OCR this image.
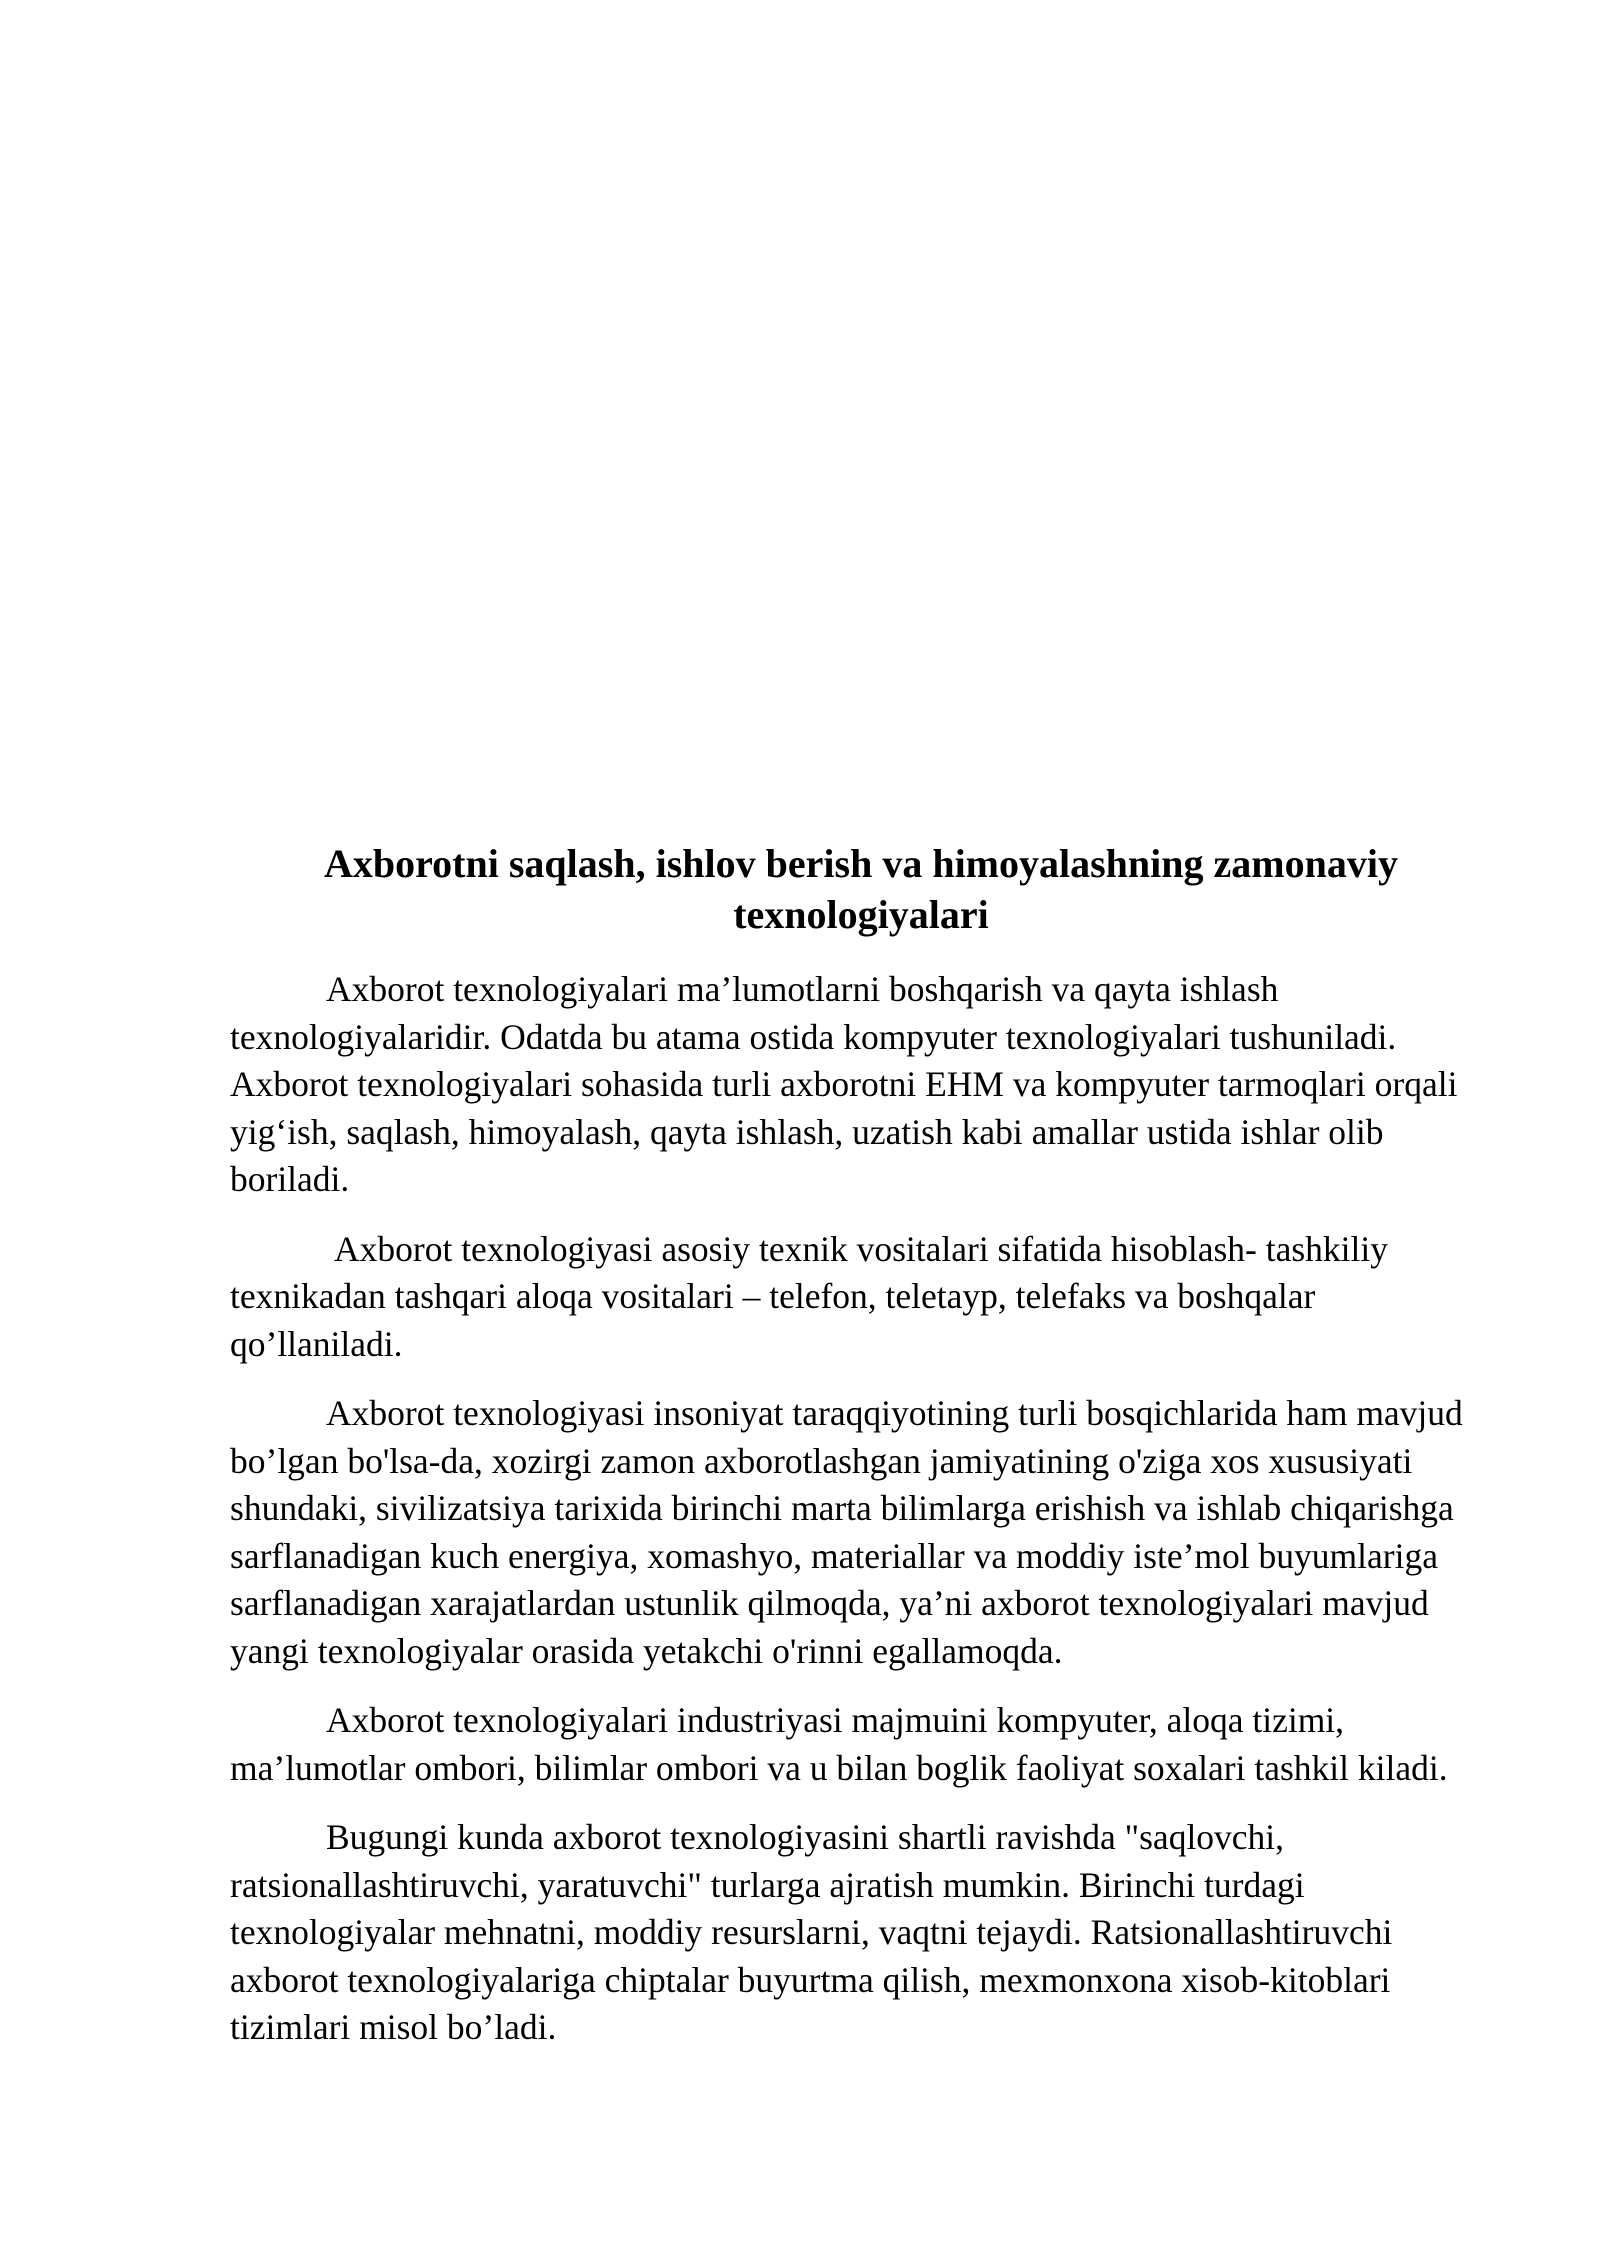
Axborotni saqlash, ishlov berish va himoyalashning zamonaviy texnologiyalari

Axborot texnologiyalari ma’lumotlarni boshqarish va qayta ishlash texnologiyalaridir. Odatda bu atama ostida kompyuter texnologiyalari tushuniladi. Axborot texnologiyalari sohasida turli axborotni EHM va kompyuter tarmoqlari orqali yig‘ish, saqlash, himoyalash, qayta ishlash, uzatish kabi amallar ustida ishlar olib boriladi.

Axborot texnologiyasi asosiy texnik vositalari sifatida hisoblash- tashkiliy texnikadan tashqari aloqa vositalari – telefon, teletayp, telefaks va boshqalar qo’llaniladi.

Axborot texnologiyasi insoniyat taraqqiyotining turli bosqichlarida ham mavjud bo’lgan bo'lsa-da, xozirgi zamon axborotlashgan jamiyatining o'ziga xos xususiyati shundaki, sivilizatsiya tarixida birinchi marta bilimlarga erishish va ishlab chiqarishga sarflanadigan kuch energiya, xomashyo, materiallar va moddiy iste’mol buyumlariga sarflanadigan xarajatlardan ustunlik qilmoqda, ya’ni axborot texnologiyalari mavjud yangi texnologiyalar orasida yetakchi o'rinni egallamoqda.

Axborot texnologiyalari industriyasi majmuini kompyuter, aloqa tizimi, ma’lumotlar ombori, bilimlar ombori va u bilan boglik faoliyat soxalari tashkil kiladi.

Bugungi kunda axborot texnologiyasini shartli ravishda "saqlovchi, ratsionallashtiruvchi, yaratuvchi" turlarga ajratish mumkin. Birinchi turdagi texnologiyalar mehnatni, moddiy resurslarni, vaqtni tejaydi. Ratsionallashtiruvchi axborot texnologiyalariga chiptalar buyurtma qilish, mexmonxona xisob-kitoblari tizimlari misol bo’ladi.
